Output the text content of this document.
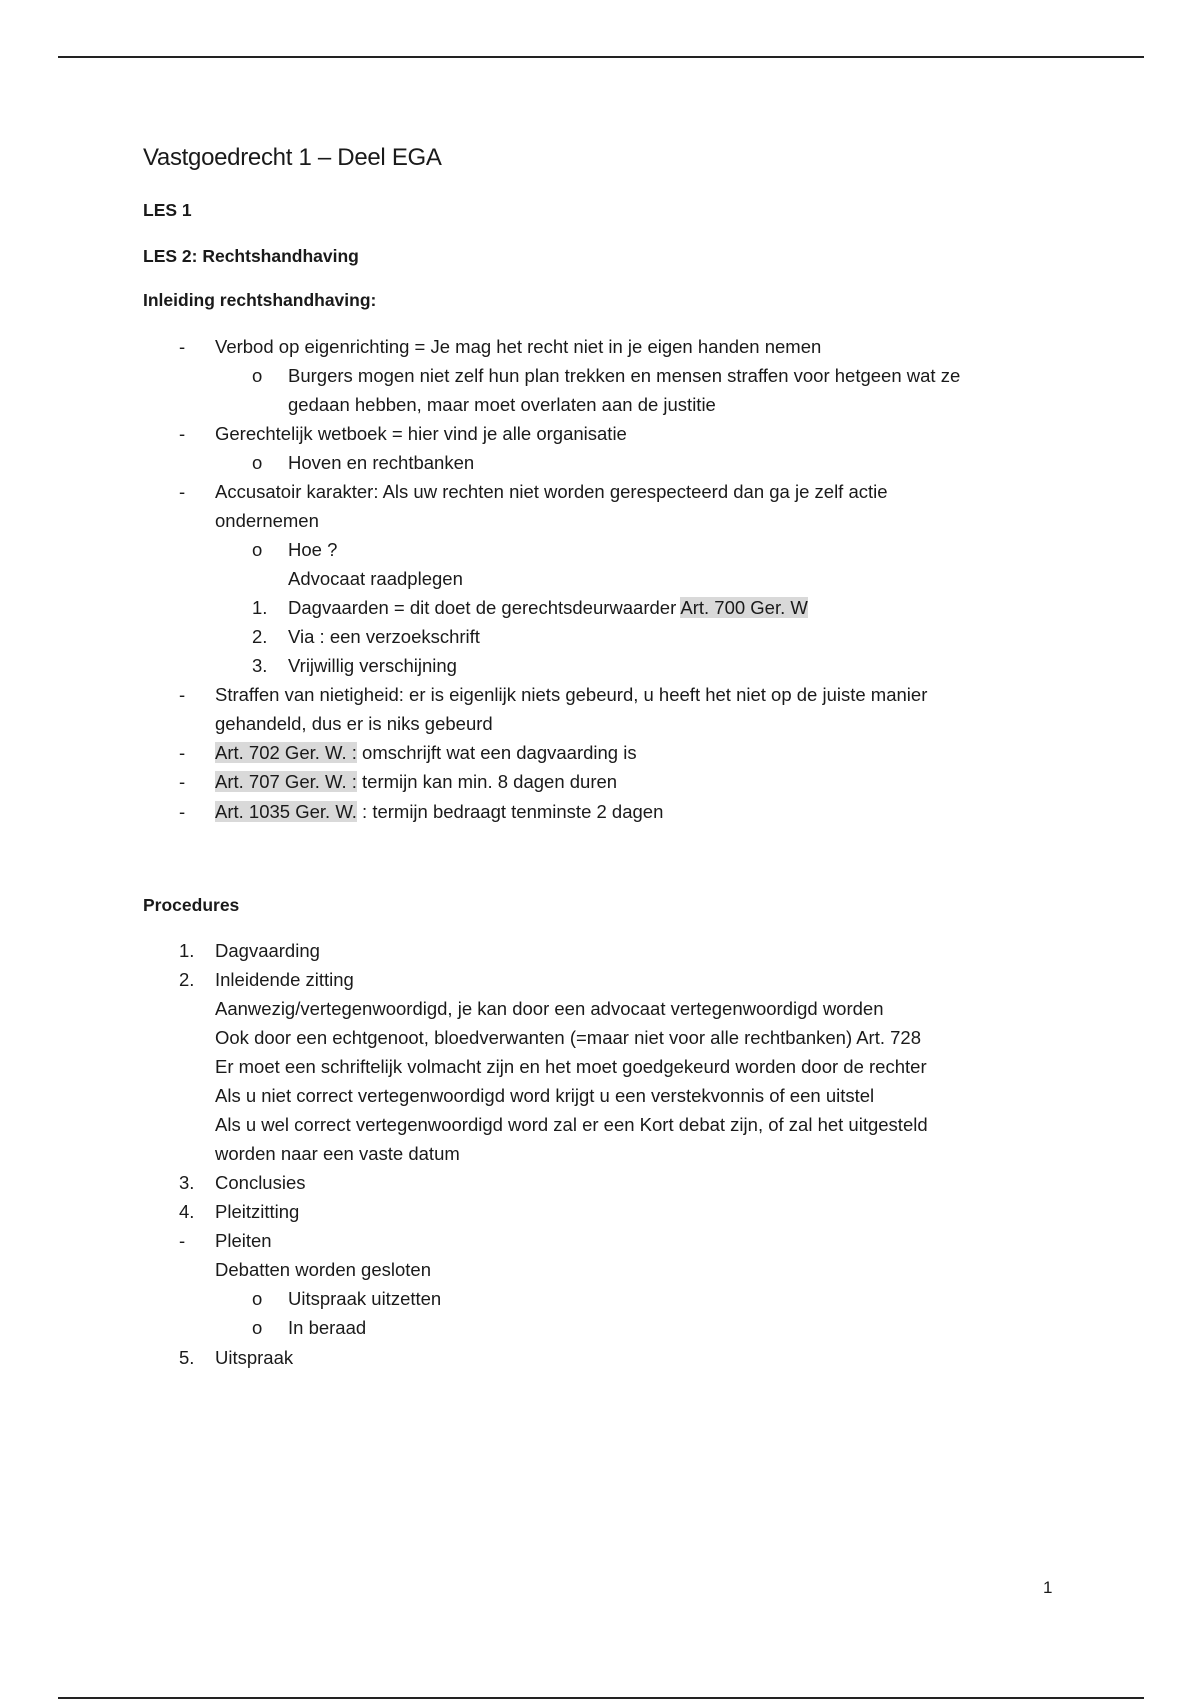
Vastgoedrecht 1 – Deel EGA
LES 1
LES 2: Rechtshandhaving
Inleiding rechtshandhaving:
- Verbod op eigenrichting = Je mag het recht niet in je eigen handen nemen
o Burgers mogen niet zelf hun plan trekken en mensen straffen voor hetgeen wat ze
gedaan hebben, maar moet overlaten aan de justitie
- Gerechtelijk wetboek = hier vind je alle organisatie
o Hoven en rechtbanken
- Accusatoir karakter: Als uw rechten niet worden gerespecteerd dan ga je zelf actie
ondernemen
o Hoe ?
Advocaat raadplegen
1. Dagvaarden = dit doet de gerechtsdeurwaarder Art. 700 Ger. W
2. Via : een verzoekschrift
3. Vrijwillig verschijning
- Straffen van nietigheid: er is eigenlijk niets gebeurd, u heeft het niet op de juiste manier
gehandeld, dus er is niks gebeurd
- Art. 702 Ger. W. : omschrijft wat een dagvaarding is
- Art. 707 Ger. W. : termijn kan min. 8 dagen duren
- Art. 1035 Ger. W. : termijn bedraagt tenminste 2 dagen
Procedures
1. Dagvaarding
2. Inleidende zitting
Aanwezig/vertegenwoordigd, je kan door een advocaat vertegenwoordigd worden
Ook door een echtgenoot, bloedverwanten (=maar niet voor alle rechtbanken) Art. 728
Er moet een schriftelijk volmacht zijn en het moet goedgekeurd worden door de rechter
Als u niet correct vertegenwoordigd word krijgt u een verstekvonnis of een uitstel
Als u wel correct vertegenwoordigd word zal er een Kort debat zijn, of zal het uitgesteld
worden naar een vaste datum
3. Conclusies
4. Pleitzitting
- Pleiten
Debatten worden gesloten
o Uitspraak uitzetten
o In beraad
5. Uitspraak
1
